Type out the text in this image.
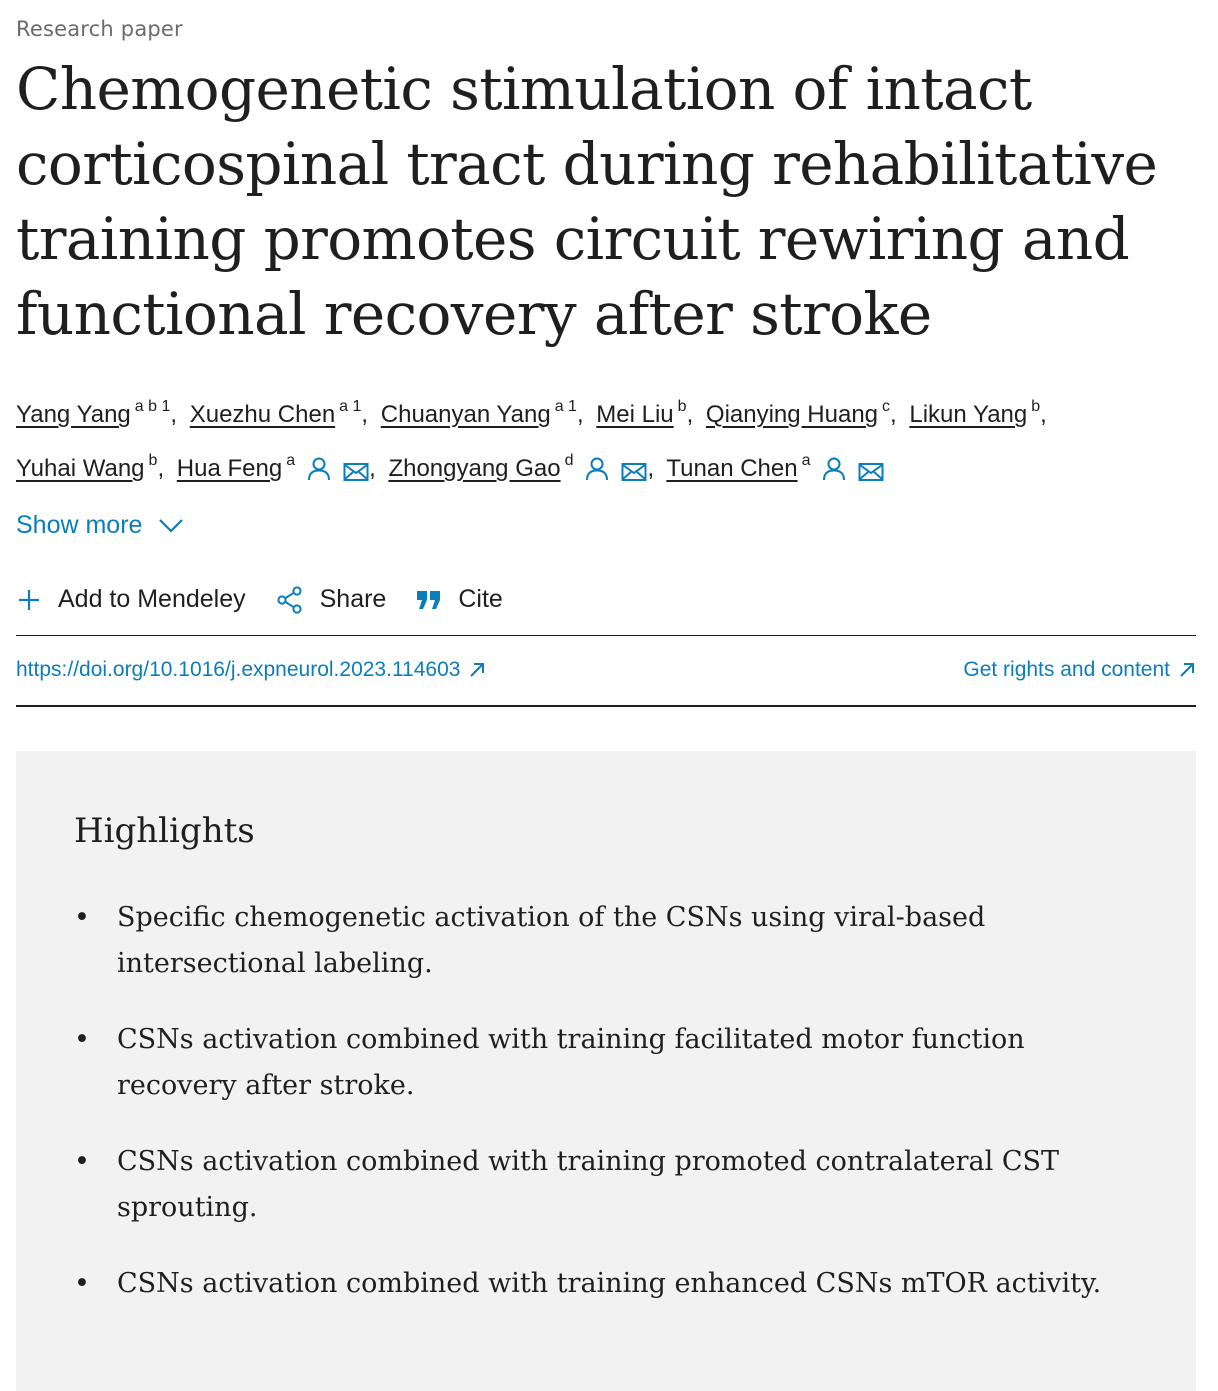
Research paper
Chemogenetic stimulation of intact corticospinal tract during rehabilitative training promotes circuit rewiring and functional recovery after stroke
Yang Yang $^{a b 1}$, Xuezhu Chen $^{a 1}$, Chuanyan Yang $^{a 1}$, Mei Liu $^b$, Qianying Huang $^c$, Likun Yang $^b$, Yuhai Wang $^b$, Hua Feng $^a$	, Zhongyang Gao $^d$	, Tunan Chen $^a$
Show more
Add to Mendeley	Share	Cite
https://doi.org/10.1016/j.expneurol.2023.114603	Get rights and content
Highlights
• Specific chemogenetic activation of the CSNs using viral-based intersectional labeling.
• CSNs activation combined with training facilitated motor function recovery after stroke.
• CSNs activation combined with training promoted contralateral CST sprouting.
• CSNs activation combined with training enhanced CSNs mTOR activity.
